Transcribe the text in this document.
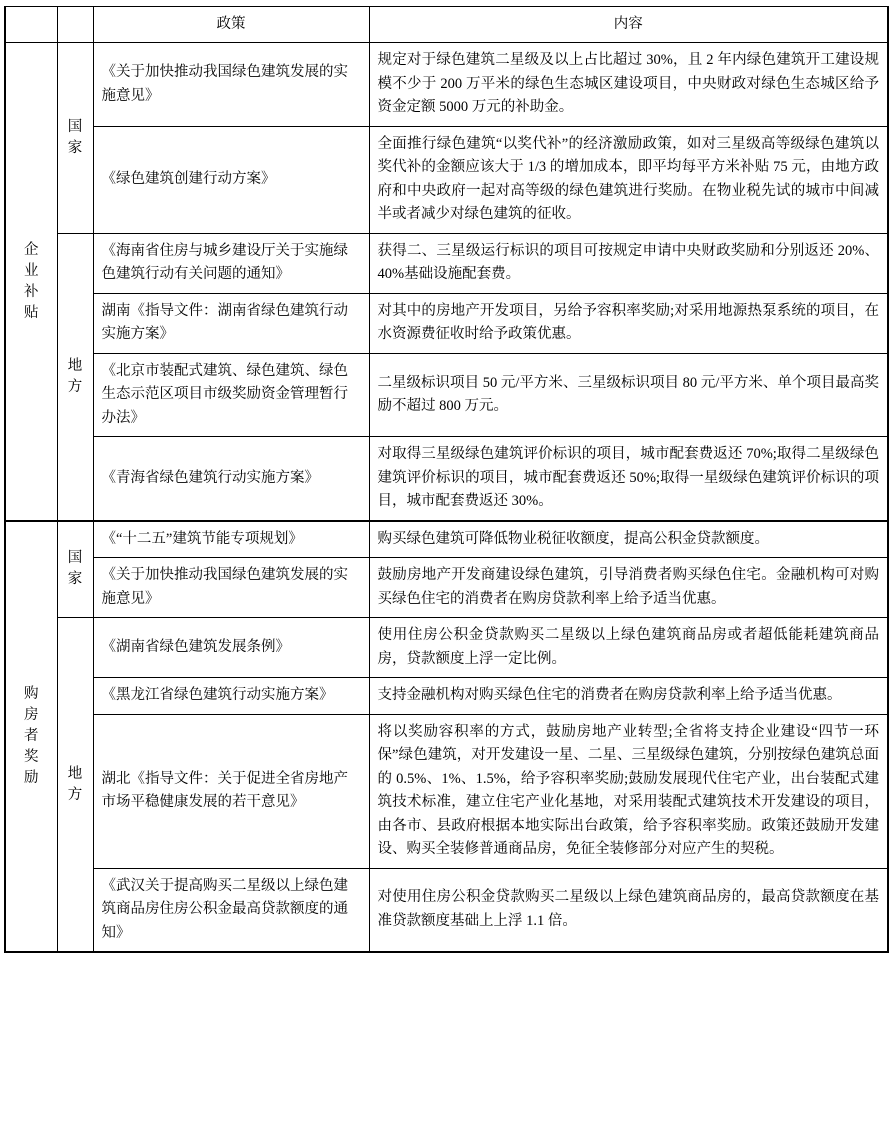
		政策	内容

企业补贴	国家	《关于加快推动我国绿色建筑发展的实施意见》	规定对于绿色建筑二星级及以上占比超过 30%，且 2 年内绿色建筑开工建设规模不少于 200 万平米的绿色生态城区建设项目，中央财政对绿色生态城区给予资金定额 5000 万元的补助金。
		《绿色建筑创建行动方案》	全面推行绿色建筑“以奖代补”的经济激励政策，如对三星级高等级绿色建筑以奖代补的金额应该大于 1/3 的增加成本，即平均每平方米补贴 75 元，由地方政府和中央政府一起对高等级的绿色建筑进行奖励。在物业税先试的城市中间减半或者减少对绿色建筑的征收。

	地方	《海南省住房与城乡建设厅关于实施绿色建筑行动有关问题的通知》	获得二、三星级运行标识的项目可按规定申请中央财政奖励和分别返还 20%、40%基础设施配套费。
		湖南《指导文件：湖南省绿色建筑行动实施方案》	对其中的房地产开发项目，另给予容积率奖励;对采用地源热泵系统的项目，在水资源费征收时给予政策优惠。
		《北京市装配式建筑、绿色建筑、绿色生态示范区项目市级奖励资金管理暂行办法》	二星级标识项目 50 元/平方米、三星级标识项目 80 元/平方米、单个项目最高奖励不超过 800 万元。
		《青海省绿色建筑行动实施方案》	对取得三星级绿色建筑评价标识的项目，城市配套费返还 70%;取得二星级绿色建筑评价标识的项目，城市配套费返还 50%;取得一星级绿色建筑评价标识的项目，城市配套费返还 30%。

购房者奖励	国家	《“十二五”建筑节能专项规划》	购买绿色建筑可降低物业税征收额度，提高公积金贷款额度。
		《关于加快推动我国绿色建筑发展的实施意见》	鼓励房地产开发商建设绿色建筑，引导消费者购买绿色住宅。金融机构可对购买绿色住宅的消费者在购房贷款利率上给予适当优惠。

	地方	《湖南省绿色建筑发展条例》	使用住房公积金贷款购买二星级以上绿色建筑商品房或者超低能耗建筑商品房，贷款额度上浮一定比例。
		《黑龙江省绿色建筑行动实施方案》	支持金融机构对购买绿色住宅的消费者在购房贷款利率上给予适当优惠。
		湖北《指导文件：关于促进全省房地产市场平稳健康发展的若干意见》	将以奖励容积率的方式，鼓励房地产业转型;全省将支持企业建设“四节一环保”绿色建筑，对开发建设一星、二星、三星级绿色建筑，分别按绿色建筑总面的 0.5%、1%、1.5%，给予容积率奖励;鼓励发展现代住宅产业，出台装配式建筑技术标准，建立住宅产业化基地，对采用装配式建筑技术开发建设的项目，由各市、县政府根据本地实际出台政策，给予容积率奖励。政策还鼓励开发建设、购买全装修普通商品房，免征全装修部分对应产生的契税。
		《武汉关于提高购买二星级以上绿色建筑商品房住房公积金最高贷款额度的通知》	对使用住房公积金贷款购买二星级以上绿色建筑商品房的，最高贷款额度在基准贷款额度基础上上浮 1.1 倍。
